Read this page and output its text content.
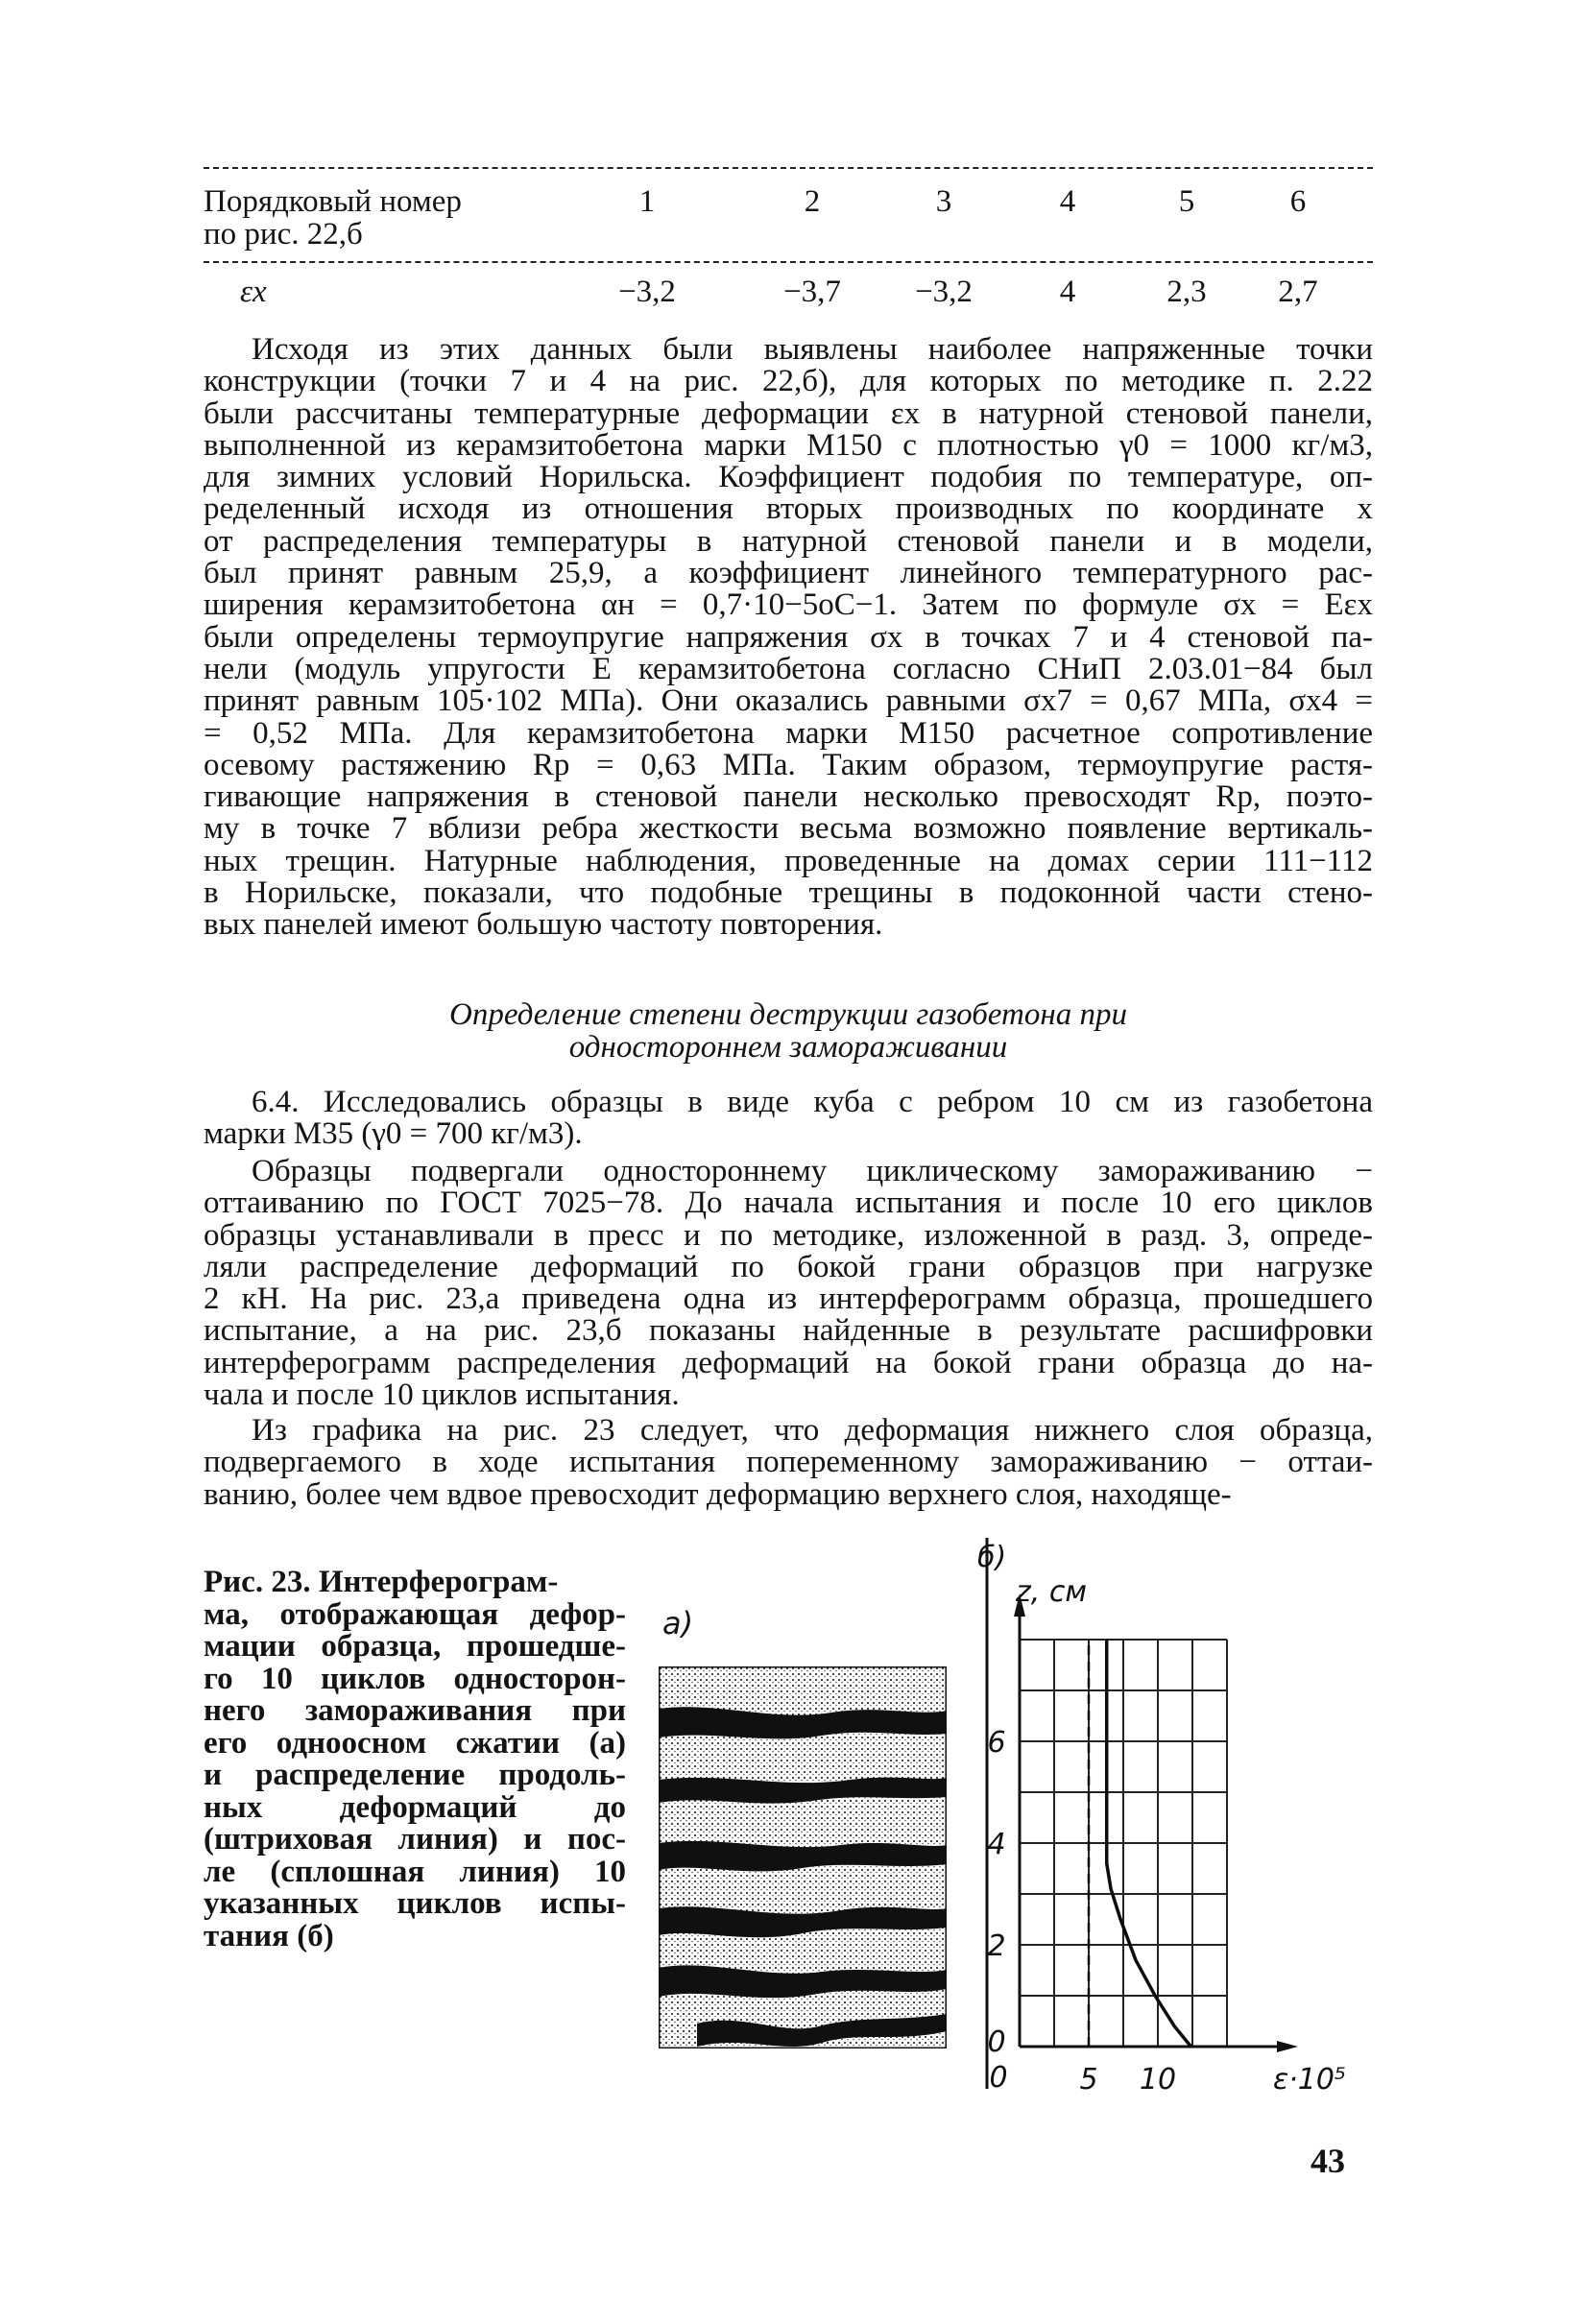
Порядковый номер
по рис. 22,б
1	2	3	4	5	6
εx	−3,2	−3,7	−3,2	4	2,3	2,7
Исходя из этих данных были выявлены наиболее напряженные точки
конструкции (точки 7 и 4 на рис. 22,б), для которых по методике п. 2.22
были рассчитаны температурные деформации εx в натурной стеновой панели,
выполненной из керамзитобетона марки М150 с плотностью γ0 = 1000 кг/м3,
для зимних условий Норильска. Коэффициент подобия по температуре, оп-
ределенный исходя из отношения вторых производных по координате x
от распределения температуры в натурной стеновой панели и в модели,
был принят равным 25,9, а коэффициент линейного температурного рас-
ширения керамзитобетона αн = 0,7·10−5оС−1. Затем по формуле σx = Eεx
были определены термоупругие напряжения σx в точках 7 и 4 стеновой па-
нели (модуль упругости E керамзитобетона согласно СНиП 2.03.01−84 был
принят равным 105·102 МПа). Они оказались равными σx7 = 0,67 МПа, σx4 =
= 0,52 МПа. Для керамзитобетона марки М150 расчетное сопротивление
осевому растяжению Rp = 0,63 МПа. Таким образом, термоупругие растя-
гивающие напряжения в стеновой панели несколько превосходят Rp, поэто-
му в точке 7 вблизи ребра жесткости весьма возможно появление вертикаль-
ных трещин. Натурные наблюдения, проведенные на домах серии 111−112
в Норильске, показали, что подобные трещины в подоконной части стено-
вых панелей имеют большую частоту повторения.
Определение степени деструкции газобетона при
одностороннем замораживании
6.4. Исследовались образцы в виде куба с ребром 10 см из газобетона
марки М35 (γ0 = 700 кг/м3).
Образцы подвергали одностороннему циклическому замораживанию −
оттаиванию по ГОСТ 7025−78. До начала испытания и после 10 его циклов
образцы устанавливали в пресс и по методике, изложенной в разд. 3, опреде-
ляли распределение деформаций по бокой грани образцов при нагрузке
2 кН. На рис. 23,а приведена одна из интерферограмм образца, прошедшего
испытание, а на рис. 23,б показаны найденные в результате расшифровки
интерферограмм распределения деформаций на бокой грани образца до на-
чала и после 10 циклов испытания.
Из графика на рис. 23 следует, что деформация нижнего слоя образца,
подвергаемого в ходе испытания попеременному замораживанию − оттаи-
ванию, более чем вдвое превосходит деформацию верхнего слоя, находяще-
Рис. 23. Интерферограм-
ма, отображающая дефор-
мации образца, прошедше-
го 10 циклов односторон-
него замораживания при
его одноосном сжатии (а)
и распределение продоль-
ных деформаций до
(штриховая линия) и пос-
ле (сплошная линия) 10
указанных циклов испы-
тания (б)
а)
0
2
4
6
0 5 10
z, см
ε·10⁵
б)
43
